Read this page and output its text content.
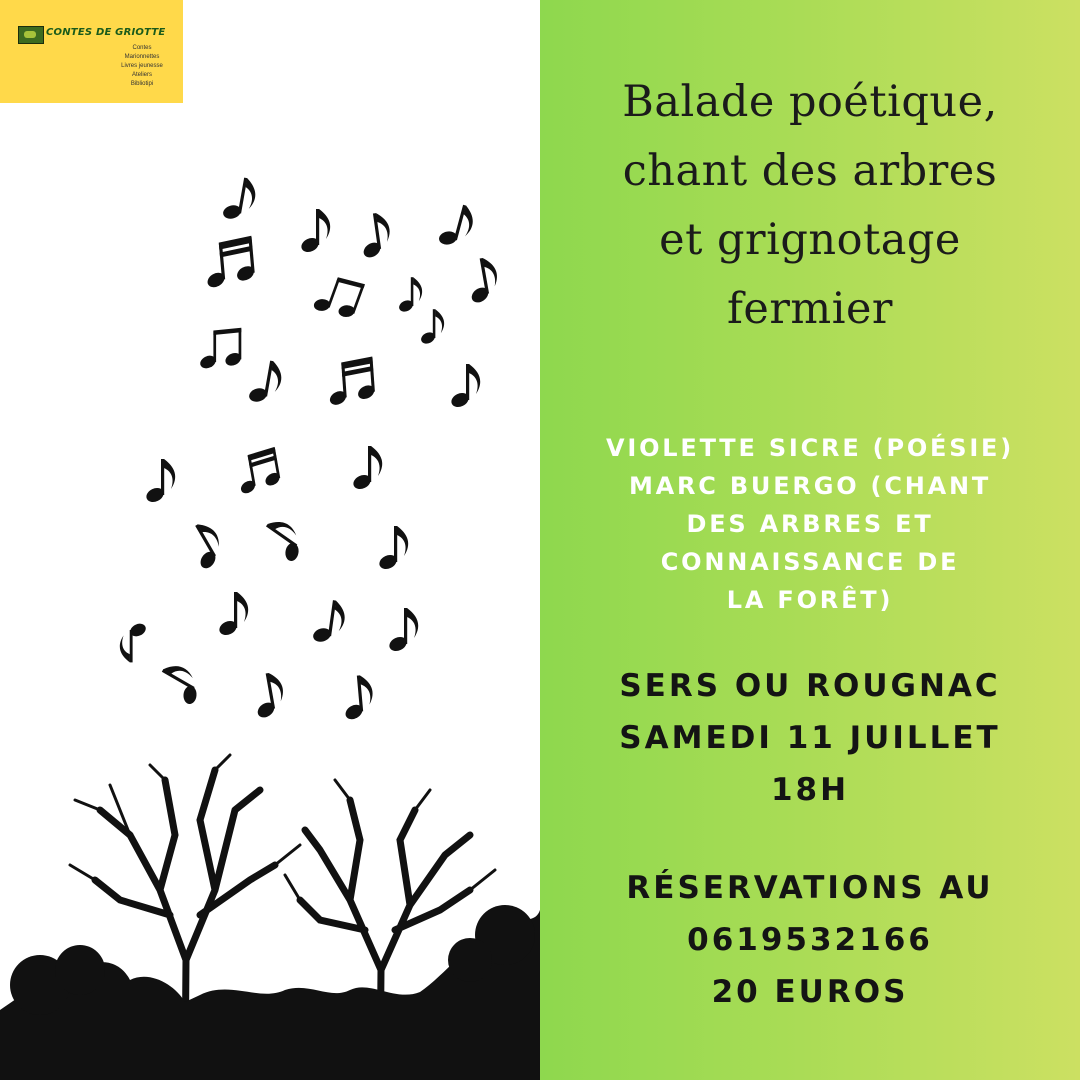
CONTES DE GRIOTTE
Contes
Marionnettes
Livres jeunesse
Ateliers
Bibliotipi	Balade poétique,
chant des arbres
et grignotage
fermier
VIOLETTE SICRE (POÉSIE)
MARC BUERGO (CHANT
DES ARBRES ET
CONNAISSANCE DE
LA FORÊT)
SERS OU ROUGNAC
SAMEDI 11 JUILLET
18H
RÉSERVATIONS AU
0619532166
20 EUROS
